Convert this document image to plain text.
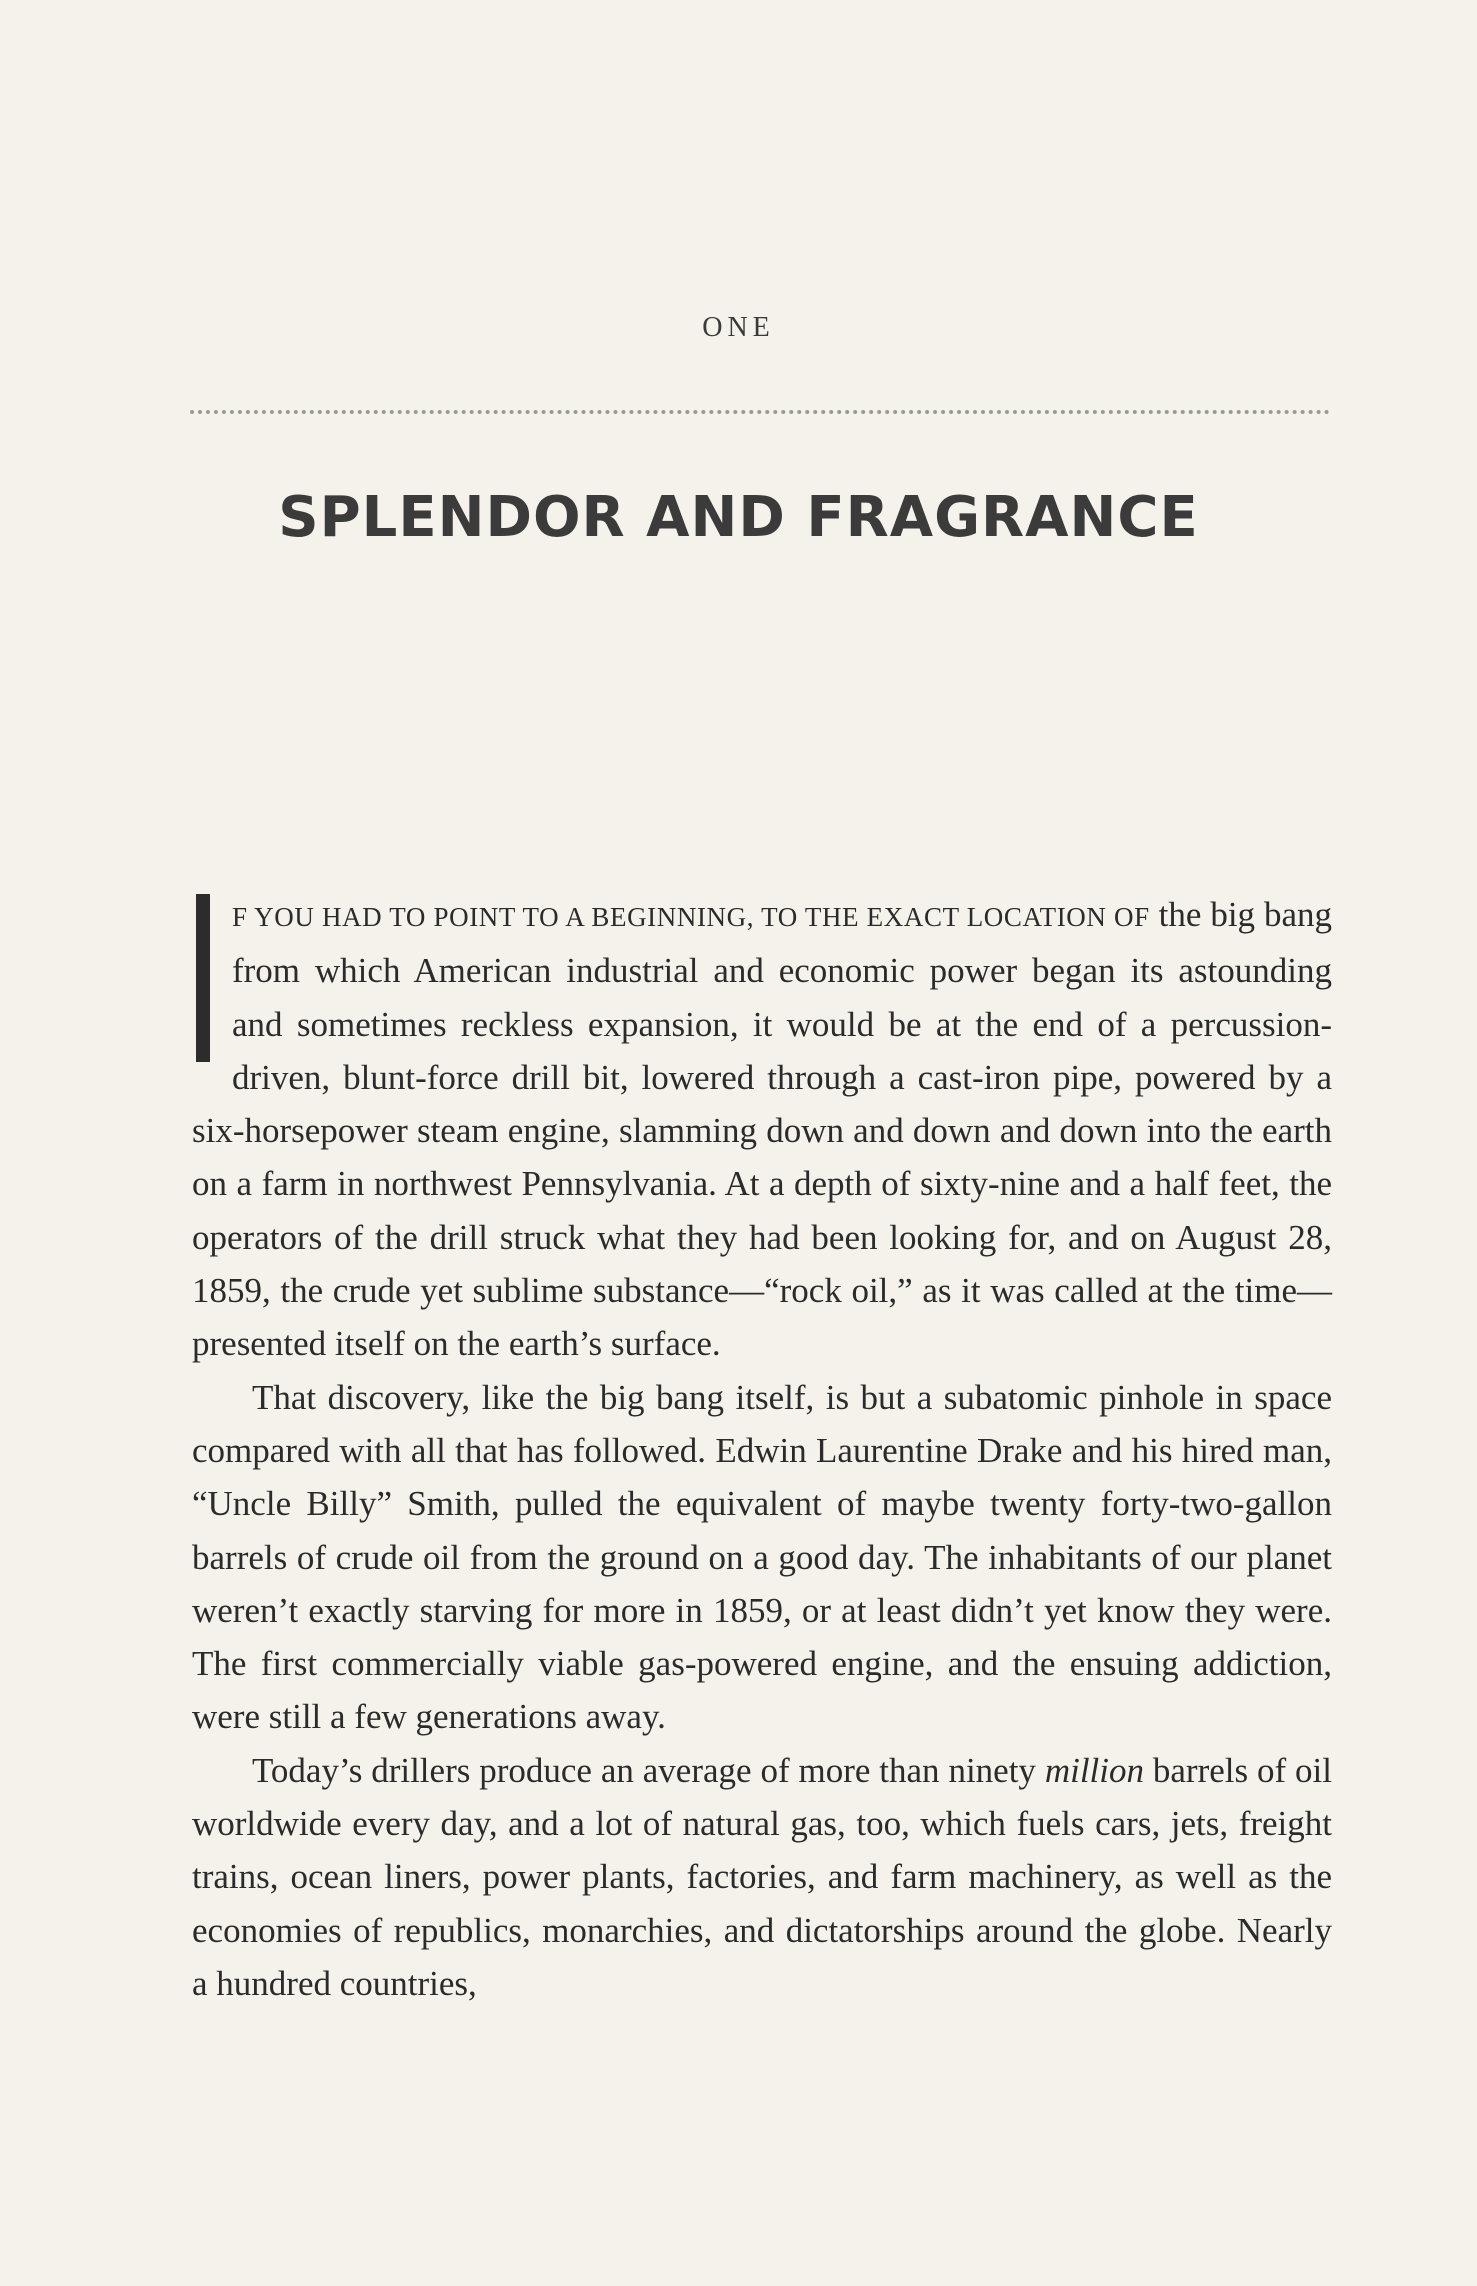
ONE
SPLENDOR AND FRAGRANCE

F YOU HAD TO POINT TO A BEGINNING, TO THE EXACT LOCATION OF the big bang from which American industrial and economic power began its astounding and sometimes reckless expansion, it would be at the end of a percussion-driven, blunt-force drill bit, lowered through a cast-iron pipe, powered by a six-horsepower steam engine, slamming down and down and down into the earth on a farm in northwest Pennsylvania. At a depth of sixty-nine and a half feet, the operators of the drill struck what they had been looking for, and on August 28, 1859, the crude yet sublime substance—“rock oil,” as it was called at the time—presented itself on the earth’s surface.

That discovery, like the big bang itself, is but a subatomic pinhole in space compared with all that has followed. Edwin Laurentine Drake and his hired man, “Uncle Billy” Smith, pulled the equivalent of maybe twenty forty-two-gallon barrels of crude oil from the ground on a good day. The inhabitants of our planet weren’t exactly starving for more in 1859, or at least didn’t yet know they were. The first commercially viable gas-powered engine, and the ensuing addiction, were still a few generations away.

Today’s drillers produce an average of more than ninety million barrels of oil worldwide every day, and a lot of natural gas, too, which fuels cars, jets, freight trains, ocean liners, power plants, factories, and farm machinery, as well as the economies of republics, monarchies, and dictatorships around the globe. Nearly a hundred countries,
